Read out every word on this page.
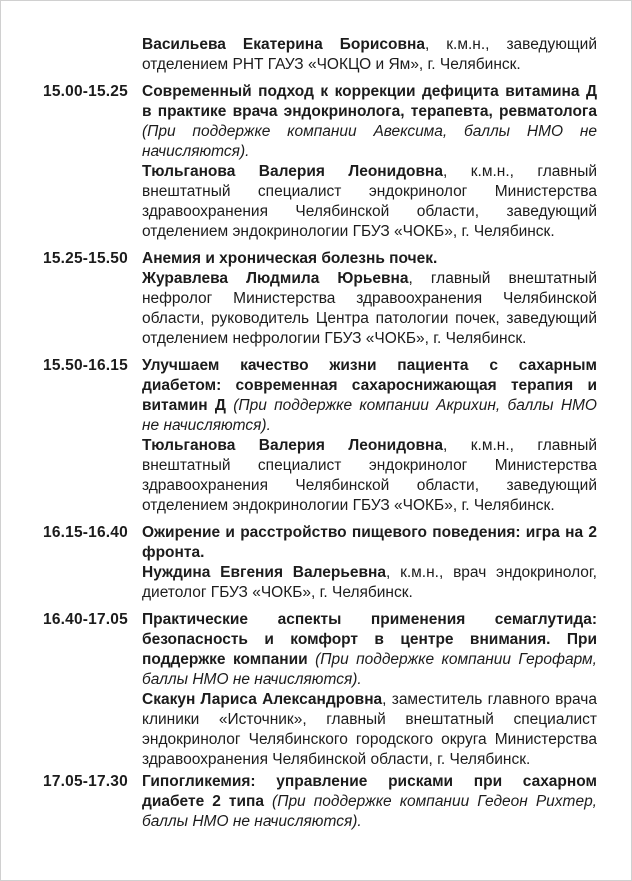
Васильева Екатерина Борисовна, к.м.н., заведующий отделением РНТ ГАУЗ «ЧОКЦО и Ям», г. Челябинск.

15.00-15.25 Современный подход к коррекции дефицита витамина Д в практике врача эндокринолога, терапевта, ревматолога (При поддержке компании Авексима, баллы НМО не начисляются).

Тюльганова Валерия Леонидовна, к.м.н., главный внештатный специалист эндокринолог Министерства здравоохранения Челябинской области, заведующий отделением эндокринологии ГБУЗ «ЧОКБ», г. Челябинск.

15.25-15.50 Анемия и хроническая болезнь почек.

Журавлева Людмила Юрьевна, главный внештатный нефролог Министерства здравоохранения Челябинской области, руководитель Центра патологии почек, заведующий отделением нефрологии ГБУЗ «ЧОКБ», г. Челябинск.

15.50-16.15 Улучшаем качество жизни пациента с сахарным диабетом: современная сахароснижающая терапия и витамин Д (При поддержке компании Акрихин, баллы НМО не начисляются).

Тюльганова Валерия Леонидовна, к.м.н., главный внештатный специалист эндокринолог Министерства здравоохранения Челябинской области, заведующий отделением эндокринологии ГБУЗ «ЧОКБ», г. Челябинск.

16.15-16.40 Ожирение и расстройство пищевого поведения: игра на 2 фронта.

Нуждина Евгения Валерьевна, к.м.н., врач эндокринолог, диетолог ГБУЗ «ЧОКБ», г. Челябинск.

16.40-17.05 Практические аспекты применения семаглутида: безопасность и комфорт в центре внимания. При поддержке компании (При поддержке компании Герофарм, баллы НМО не начисляются).

Скакун Лариса Александровна, заместитель главного врача клиники «Источник», главный внештатный специалист эндокринолог Челябинского городского округа Министерства здравоохранения Челябинской области, г. Челябинск.

17.05-17.30 Гипогликемия: управление рисками при сахарном диабете 2 типа (При поддержке компании Гедеон Рихтер, баллы НМО не начисляются).
